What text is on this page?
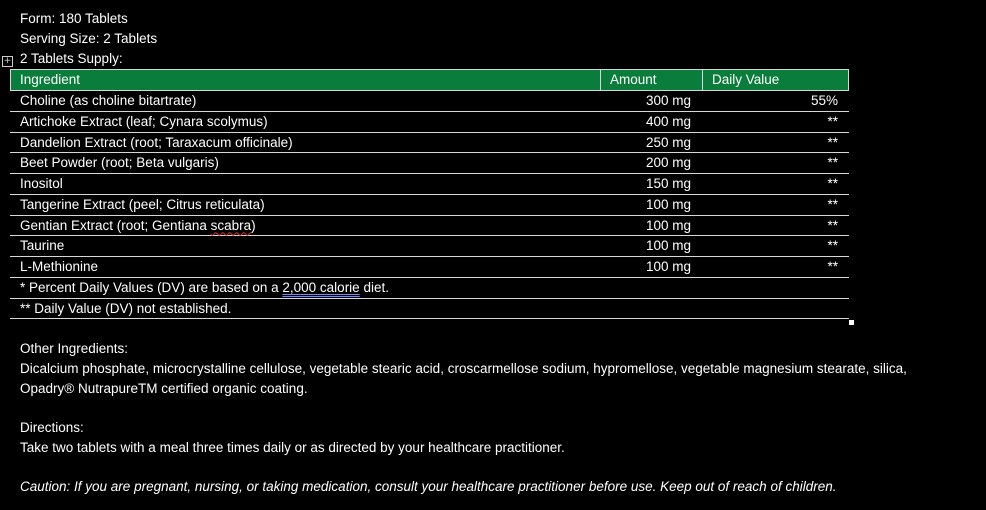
Form: 180 Tablets
Serving Size: 2 Tablets
+ 2 Tablets Supply:
Ingredient	Amount	Daily Value
Choline (as choline bitartrate)	300 mg	55%
Artichoke Extract (leaf; Cynara scolymus)	400 mg	**
Dandelion Extract (root; Taraxacum officinale)	250 mg	**
Beet Powder (root; Beta vulgaris)	200 mg	**
Inositol	150 mg	**
Tangerine Extract (peel; Citrus reticulata)	100 mg	**
Gentian Extract (root; Gentiana scabra)	100 mg	**
Taurine	100 mg	**
L-Methionine	100 mg	**
* Percent Daily Values (DV) are based on a 2,000 calorie diet.
** Daily Value (DV) not established.
Other Ingredients:
Dicalcium phosphate, microcrystalline cellulose, vegetable stearic acid, croscarmellose sodium, hypromellose, vegetable magnesium stearate, silica,
Opadry® NutrapureTM certified organic coating.
Directions:
Take two tablets with a meal three times daily or as directed by your healthcare practitioner.
Caution: If you are pregnant, nursing, or taking medication, consult your healthcare practitioner before use. Keep out of reach of children.
